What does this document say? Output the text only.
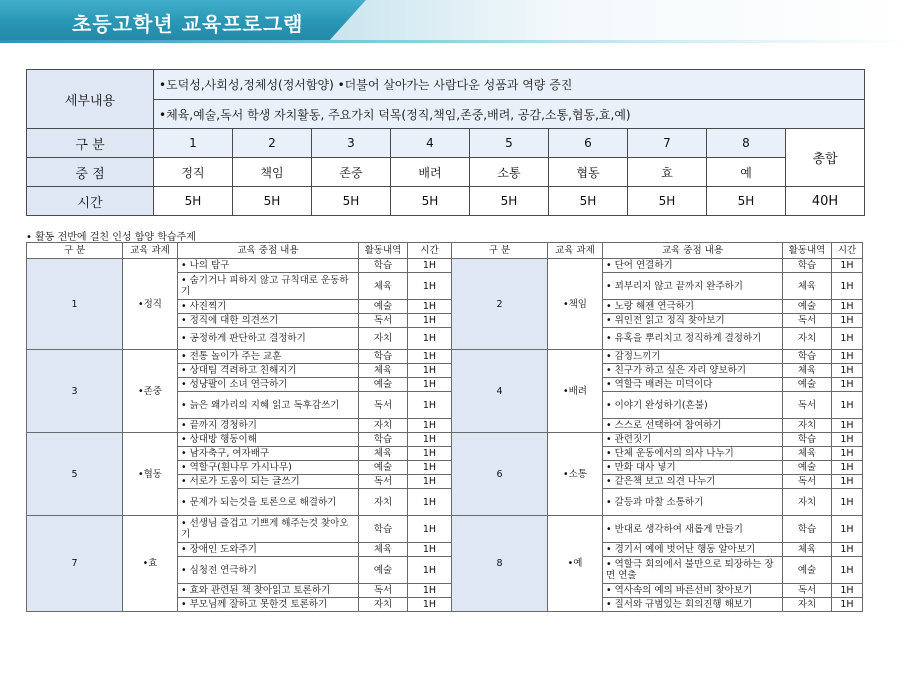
초등고학년 교육프로그램
세부내용	•도덕성,사회성,정체성(정서함양) •더불어 살아가는 사람다운 성품과 역량 증진								
	•체육,예술,독서 학생 자치활동, 주요가치 덕목(정직,책임,존중,배려, 공감,소통,협동,효,예)								
구 분	1	2	3	4	5	6	7	8	총합
중 점	정직	책임	존중	배려	소통	협동	효	예	
시간	5H	5H	5H	5H	5H	5H	5H	5H	40H
• 활동 전반에 걸친 인성 함양 학습주제
구 분	교육 과제	교육 중점 내용	활동내역	시간	구 분	교육 과제	교육 중점 내용	활동내역	시간
1	•정직	• 나의 탐구	학습	1H	2	•책임	• 단어 연결하기	학습	1H
		• 숨기거나 피하지 않고 규칙대로 운동하기	체육	1H			• 꾀부리지 않고 끝까지 완주하기	체육	1H
		• 사진찍기	예술	1H			• 노랑 해젠 연극하기	예술	1H
		• 정직에 대한 의견쓰기	독서	1H			• 위인전 읽고 정직 찾아보기	독서	1H
		• 공정하게 판단하고 결정하기	자치	1H			• 유혹을 뿌리치고 정직하게 결정하기	자치	1H
3	•존중	• 전통 놀이가 주는 교훈	학습	1H	4	•배려	• 감정느끼기	학습	1H
		• 상대팀 격려하고 친해지기	체육	1H			• 친구가 하고 싶은 자리 양보하기	체육	1H
		• 성냥팔이 소녀 연극하기	예술	1H			• 역할극 배려는 미덕이다	예술	1H
		• 늙은 왜가리의 지혜 읽고 독후감쓰기	독서	1H			• 이야기 완성하기(흔불)	독서	1H
		• 끝까지 경청하기	자치	1H			• 스스로 선택하여 참여하기	자치	1H
5	•협동	• 상대방 행동이해	학습	1H	6	•소통	• 관련짓기	학습	1H
		• 남자축구, 여자배구	체육	1H			• 단체 운동에서의 의사 나누기	체육	1H
		• 역할구(흰나무 가시나무)	예술	1H			• 만화 대사 넣기	예술	1H
		• 서로가 도움이 되는 글쓰기	독서	1H			• 같은책 보고 의견 나누기	독서	1H
		• 문제가 되는것을 토론으로 해결하기	자치	1H			• 갈등과 마찰 소통하기	자치	1H
7	•효	• 선생님 즐겁고 기쁘게 해주는것 찾아오기	학습	1H	8	•예	• 반대로 생각하여 새롭게 만들기	학습	1H
		• 장애인 도와주기	체육	1H			• 경기서 예에 벗어난 행동 알아보기	체육	1H
		• 심청전 연극하기	예술	1H			• 역할극 회의에서 불만으로 퇴장하는 장면 연출	예술	1H
		• 효와 관련된 책 찾아읽고 토론하기	독서	1H			• 역사속의 예의 바른선비 찾아보기	독서	1H
		• 부모님께 잘하고 못한것 토론하기	자치	1H			• 질서와 규범있는 회의진행 해보기	자치	1H
